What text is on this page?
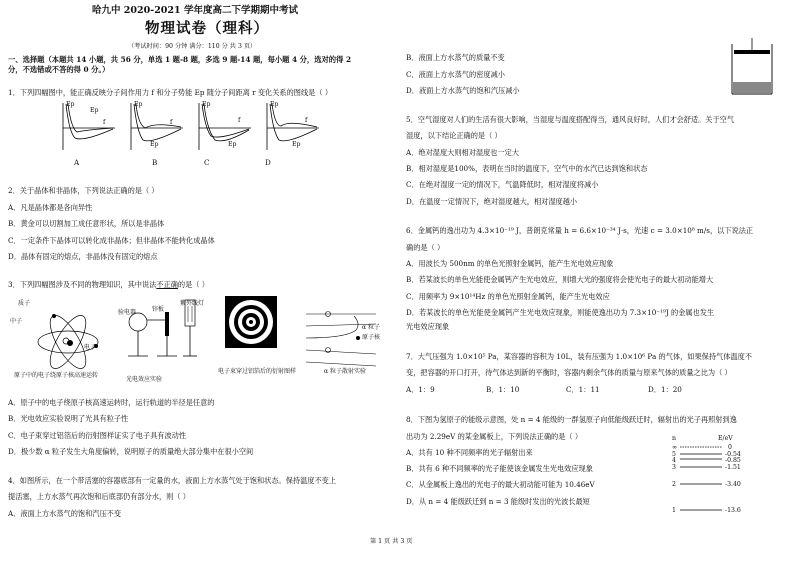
哈九中 2020-2021 学年度高二下学期期中考试
物理试卷（理科）
（考试时间：90 分钟 满分：110 分 共 3 页）
一、选择题（本题共 14 小题，共 56 分，单选 1 题-8 题，多选 9 题-14 题，每小题 4 分，选对的得 2
分，不选错或不答的得 0 分。）
1．下列四幅图中，能正确反映分子间作用力 f 和分子势能 Ep 随分子间距离 r 变化关系的图线是（ ）
Ep
f
Ep
Ep
f
Ep
Ep
f
Ep
Ep
f
Ep
A	B	C	D
2．关于晶体和非晶体，下列说法正确的是（ ）
A．凡是晶体都是各向异性
B．黄金可以切割加工成任意形状，所以是非晶体
C．一定条件下晶体可以转化成非晶体；但非晶体不能转化成晶体
D．晶体有固定的熔点，非晶体没有固定的熔点
3．下列四幅图涉及不同的物理知识，其中说法不正确的是（ ）
质子
中子
电子
验电器	锌板
紫外线灯
α 粒子
原子核
原子中的电子绕原子核高速运转
光电效应实验
电子束穿过铝箔后的衍射图样	α 粒子散射实验
A．原子中的电子绕原子核高速运转时，运行轨道的半径是任意的
B．光电效应实验说明了光具有粒子性
C．电子束穿过铝箔后的衍射图样证实了电子具有波动性
D．极少数 α 粒子发生大角度偏转，说明原子的质量绝大部分集中在很小空间
4．如图所示，在一个带活塞的容器底部有一定量的水，液面上方水蒸气处于饱和状态。保持温度不变上
提活塞，上方水蒸气再次饱和后底部仍有部分水，则（ ）
A．液面上方水蒸气的饱和汽压不变
B．液面上方水蒸气的质量不变
C．液面上方水蒸气的密度减小
D．液面上方水蒸气的饱和汽压减小
5．空气湿度对人们的生活有很大影响，当湿度与温度搭配得当，通风良好时，人们才会舒适。关于空气
湿度，以下结论正确的是（ ）
A．绝对湿度大则相对湿度也一定大
B．相对湿度是100%，表明在当时的温度下，空气中的水汽已达到饱和状态
C．在绝对湿度一定的情况下，气温降低时，相对湿度将减小
D．在温度一定情况下，绝对湿度越大，相对湿度越小
6．金属钙的逸出功为 4.3×10⁻¹⁹ J，普朗克常量 h = 6.6×10⁻³⁴ J·s，光速 c = 3.0×10⁸ m/s，以下说法正
确的是（ ）
A．用波长为 500nm 的单色光照射金属钙，能产生光电效应现象
B．若某波长的单色光能使金属钙产生光电效应，则增大光的强度将会使光电子的最大初动能增大
C．用频率为 9×10¹⁴Hz 的单色光照射金属钙，能产生光电效应
D．若某波长的单色光能使金属钙产生光电效应现象，则能使逸出功为 7.3×10⁻¹⁹J 的金属也发生
光电效应现象
7．大气压强为 1.0×10⁵ Pa，某容器的容积为 10L，装有压强为 1.0×10⁶ Pa 的气体，如果保持气体温度不
变，把容器的开口打开，待气体达到新的平衡时，容器内剩余气体的质量与原来气体的质量之比为（ ）
A．1：9	B．1：10	C．1：11	D．1：20
8．下图为氢原子的能级示意图，处 n = 4 能级的一群氢原子向低能级跃迁时，辐射出的光子再照射到逸
出功为 2.29eV 的某金属板上，下列说法正确的是（ ）
A．共有 10 种不同频率的光子辐射出来
B．共有 6 种不同频率的光子能使该金属发生光电效应现象
C．从金属板上逸出的光电子的最大初动能可能为 10.46eV
D．从 n = 4 能级跃迁到 n = 3 能级时发出的光波长最短
n	E/eV
∞	0
5	-0.54
4	-0.85
3	-1.51
2	-3.40
1	-13.6
第 1 页 共 3 页
